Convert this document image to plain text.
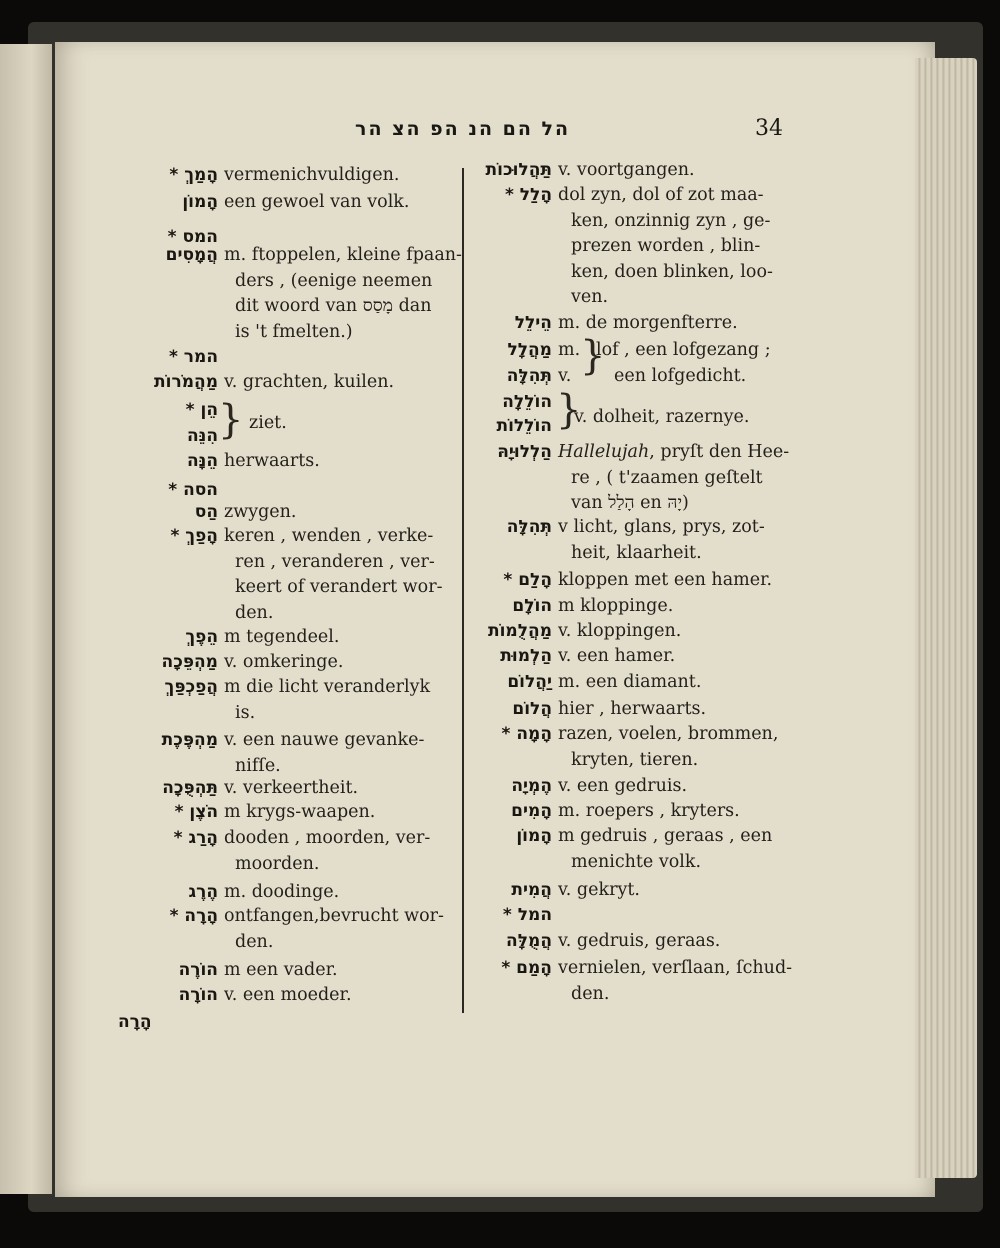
הל הם הנ הפ הצ הר	34
הָרָה
הָמַךְ * vermenichvuldigen.
הָמוֹן een gewoel van volk.
המס *
הֲמָסִים m. ftoppelen, kleine fpaan-
ders , (eenige neemen
dit woord van מָסַס dan
is 't fmelten.)
המר *
מַהֲמֹרוֹת v. grachten, kuilen.
הֵן *
הִנֵּה
הֵנָּה herwaarts.
הסה *
הַס zwygen.
הָפַךְ * keren , wenden , verke-
ren , veranderen , ver-
keert of verandert wor-
den.
הֵפֶךְ m tegendeel.
מַהְפֵּכָה v. omkeringe.
הֲפַכְפַּךְ m die licht veranderlyk
is.
מַהְפֶּכֶת v. een nauwe gevanke-
nifſe.
תַּהְפֻּכָה v. verkeertheit.
הֹצֶן * m krygs-waapen.
הָרַג * dooden , moorden, ver-
moorden.
הֶרֶג m. doodinge.
הָרָה * ontfangen,bevrucht wor-
den.
הוֹרֶה m een vader.
הוֹרָה v. een moeder.
} ziet.
תַּהֲלוּכוֹת v. voortgangen.
הָלַל * dol zyn, dol of zot maa-
ken, onzinnig zyn , ge-
prezen worden , blin-
ken, doen blinken, loo-
ven.
הֵילֵל m. de morgenfterre.
מַהֲלָל m.
תְּהִלָּה v.
הוֹלֵלָה
הוֹלֵלוֹת
הַלְלוּיָהּ Hallelujah, pryſt den Hee-
re , ( t'zaamen geſtelt
van הָלַל en יָהּ)
תְּהִלָּה v licht, glans, prys, zot-
heit, klaarheit.
הָלַם * kloppen met een hamer.
הוֹלָם m kloppinge.
מַהֲלֻמוֹת v. kloppingen.
הַלְמוּת v. een hamer.
יַהֲלוֹם m. een diamant.
הֲלוֹם hier , herwaarts.
הָמָה * razen, voelen, brommen,
kryten, tieren.
הֶמְיָה v. een gedruis.
הָמִים m. roepers , kryters.
הָמוֹן m gedruis , geraas , een
menichte volk.
הֲמִית v. gekryt.
המל *
הֲמֻלָּה v. gedruis, geraas.
הָמַם * vernielen, verſlaan, ſchud-
den.
}
lof , een lofgezang ;
een lofgedicht.
}
v. dolheit, razernye.
